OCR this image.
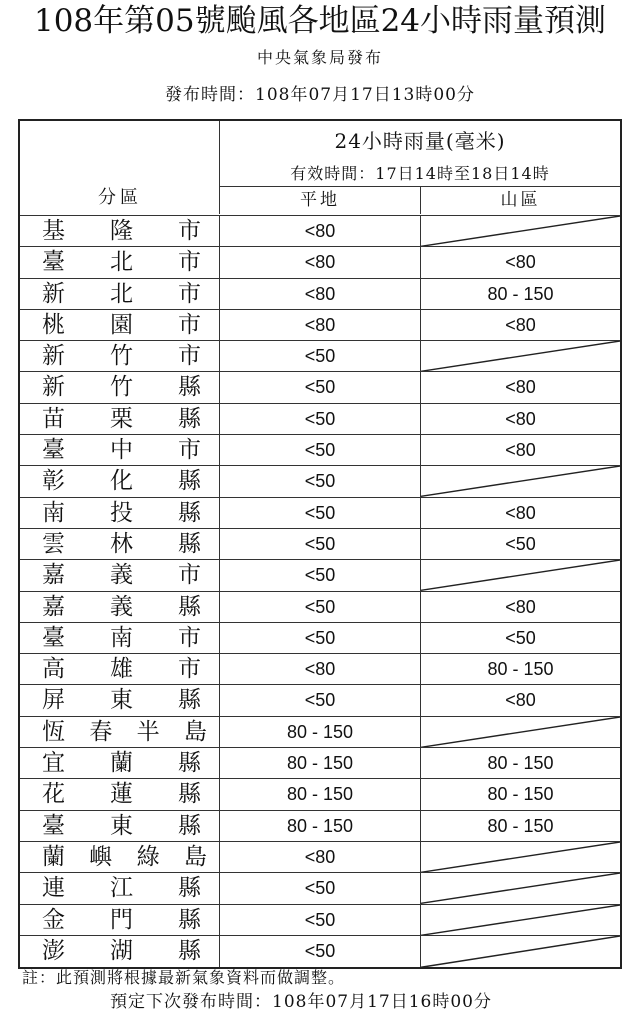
108年第05號颱風各地區24小時雨量預測
中央氣象局發布
發布時間：108年07月17日13時00分
分區
24小時雨量(毫米)
有效時間：17日14時至18日14時
平地	山區
基 隆 市	<80
臺 北 市	<80	<80
新 北 市	<80	80 - 150
桃 園 市	<80	<80
新 竹 市	<50
新 竹 縣	<50	<80
苗 栗 縣	<50	<80
臺 中 市	<50	<80
彰 化 縣	<50
南 投 縣	<50	<80
雲 林 縣	<50	<50
嘉 義 市	<50
嘉 義 縣	<50	<80
臺 南 市	<50	<50
高 雄 市	<80	80 - 150
屏 東 縣	<50	<80
恆 春 半 島	80 - 150
宜 蘭 縣	80 - 150	80 - 150
花 蓮 縣	80 - 150	80 - 150
臺 東 縣	80 - 150	80 - 150
蘭 嶼 綠 島	<80
連 江 縣	<50
金 門 縣	<50
澎 湖 縣	<50
註：此預測將根據最新氣象資料而做調整。
預定下次發布時間：108年07月17日16時00分
